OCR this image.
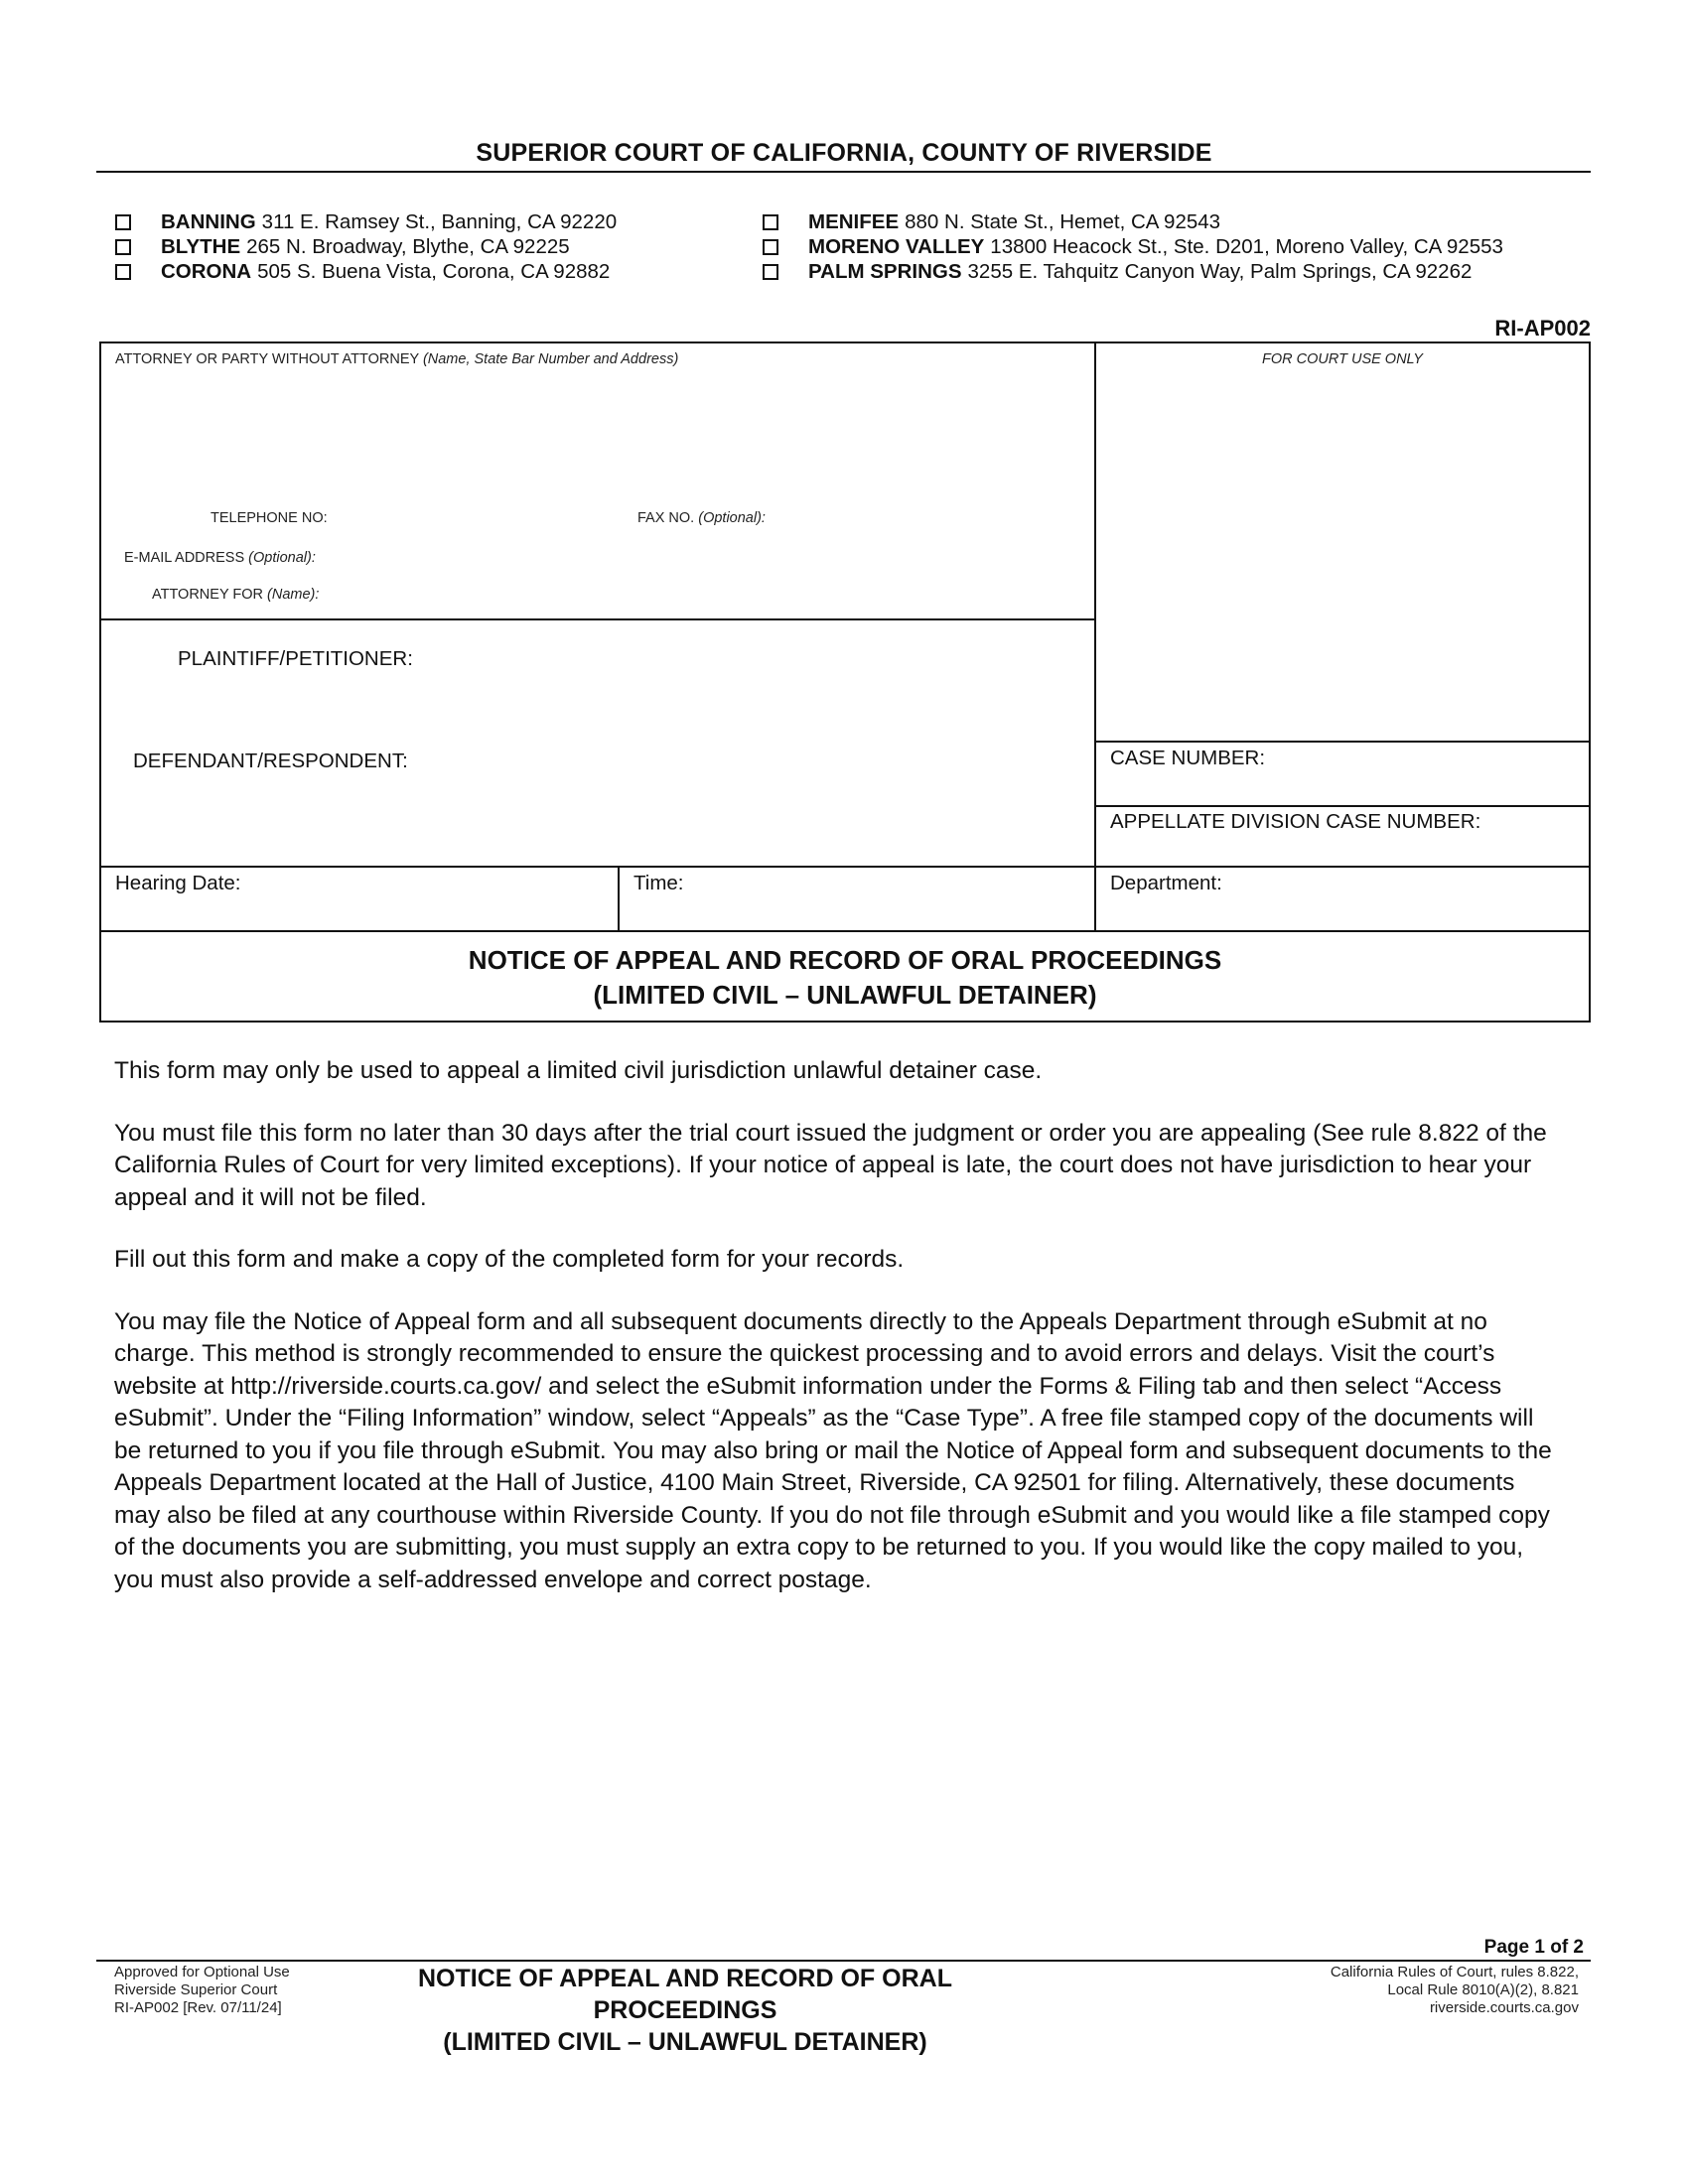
SUPERIOR COURT OF CALIFORNIA, COUNTY OF RIVERSIDE
BANNING 311 E. Ramsey St., Banning, CA 92220
BLYTHE 265 N. Broadway, Blythe, CA 92225
CORONA 505 S. Buena Vista, Corona, CA 92882
MENIFEE 880 N. State St., Hemet, CA 92543
MORENO VALLEY 13800 Heacock St., Ste. D201, Moreno Valley, CA 92553
PALM SPRINGS 3255 E. Tahquitz Canyon Way, Palm Springs, CA 92262
RI-AP002
ATTORNEY OR PARTY WITHOUT ATTORNEY (Name, State Bar Number and Address)
TELEPHONE NO:	FAX NO. (Optional):
E-MAIL ADDRESS (Optional):
ATTORNEY FOR (Name):
FOR COURT USE ONLY
PLAINTIFF/PETITIONER:
DEFENDANT/RESPONDENT:	CASE NUMBER:
APPELLATE DIVISION CASE NUMBER:
Hearing Date:	Time:	Department:
NOTICE OF APPEAL AND RECORD OF ORAL PROCEEDINGS
(LIMITED CIVIL – UNLAWFUL DETAINER)

This form may only be used to appeal a limited civil jurisdiction unlawful detainer case.

You must file this form no later than 30 days after the trial court issued the judgment or order you are appealing (See rule 8.822 of the California Rules of Court for very limited exceptions). If your notice of appeal is late, the court does not have jurisdiction to hear your appeal and it will not be filed.

Fill out this form and make a copy of the completed form for your records.

You may file the Notice of Appeal form and all subsequent documents directly to the Appeals Department through eSubmit at no charge. This method is strongly recommended to ensure the quickest processing and to avoid errors and delays. Visit the court’s website at http://riverside.courts.ca.gov/ and select the eSubmit information under the Forms & Filing tab and then select “Access eSubmit”. Under the “Filing Information” window, select “Appeals” as the “Case Type”. A free file stamped copy of the documents will be returned to you if you file through eSubmit. You may also bring or mail the Notice of Appeal form and subsequent documents to the Appeals Department located at the Hall of Justice, 4100 Main Street, Riverside, CA 92501 for filing. Alternatively, these documents may also be filed at any courthouse within Riverside County. If you do not file through eSubmit and you would like a file stamped copy of the documents you are submitting, you must supply an extra copy to be returned to you. If you would like the copy mailed to you, you must also provide a self-addressed envelope and correct postage.

Page 1 of 2
Approved for Optional Use
Riverside Superior Court
RI-AP002 [Rev. 07/11/24]
NOTICE OF APPEAL AND RECORD OF ORAL PROCEEDINGS
(LIMITED CIVIL – UNLAWFUL DETAINER)
California Rules of Court, rules 8.822,
Local Rule 8010(A)(2), 8.821
riverside.courts.ca.gov
